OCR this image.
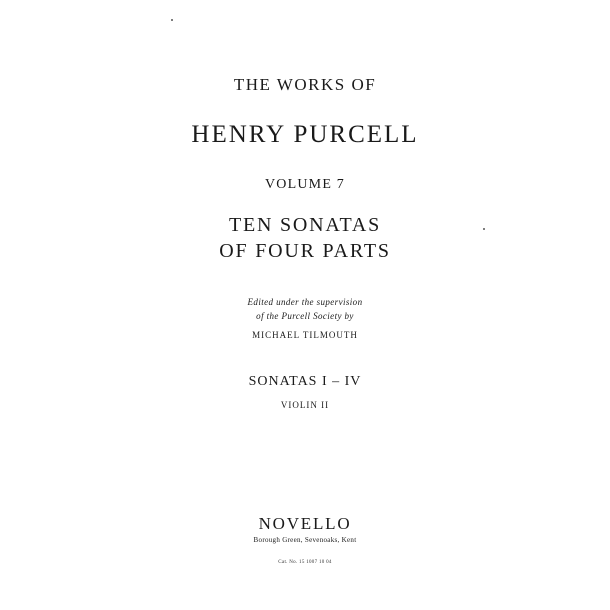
THE WORKS OF
HENRY PURCELL
VOLUME 7
TEN SONATAS
OF FOUR PARTS
Edited under the supervision
of the Purcell Society by
MICHAEL TILMOUTH
SONATAS I – IV
VIOLIN II
NOVELLO
Borough Green, Sevenoaks, Kent
Cat. No. 15 1007 10 04
